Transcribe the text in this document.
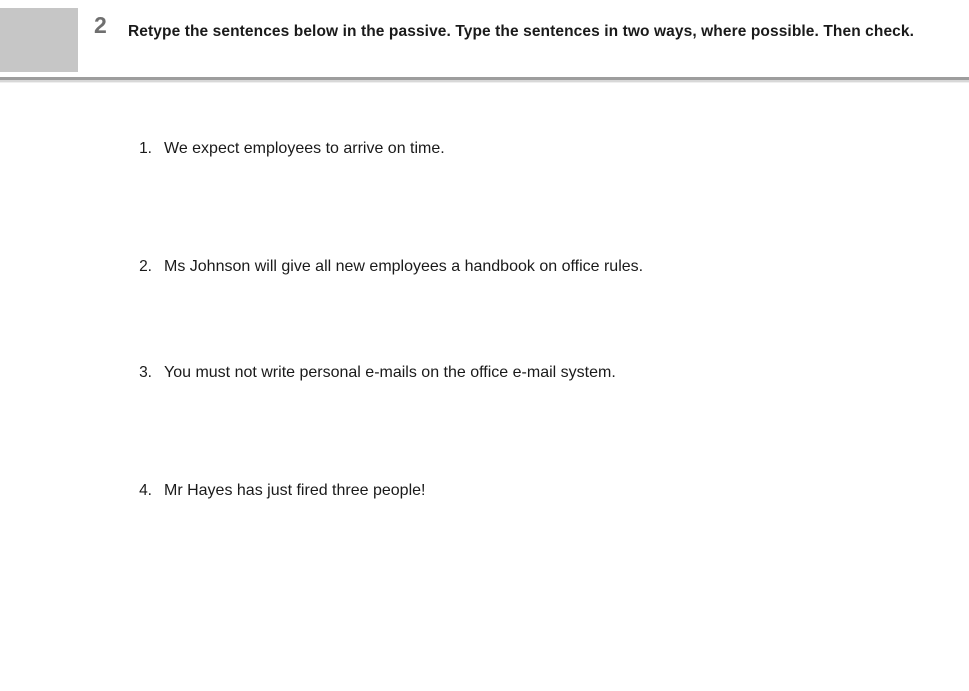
2 Retype the sentences below in the passive. Type the sentences in two ways, where possible. Then check.
1. We expect employees to arrive on time.
2. Ms Johnson will give all new employees a handbook on office rules.
3. You must not write personal e-mails on the office e-mail system.
4. Mr Hayes has just fired three people!
